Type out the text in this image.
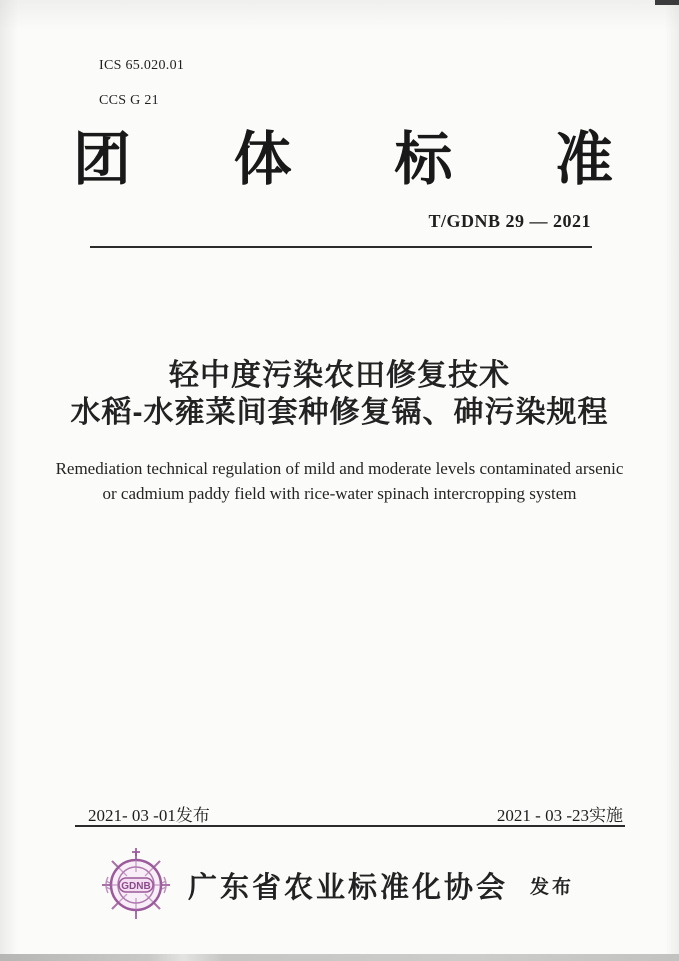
ICS 65.020.01
CCS G 21
团 体 标 准
T/GDNB 29 — 2021
轻中度污染农田修复技术
水稻-水雍菜间套种修复镉、砷污染规程
Remediation technical regulation of mild and moderate levels contaminated arsenic
or cadmium paddy field with rice-water spinach intercropping system
2021- 03 -01发布	2021 - 03 -23实施
GDNB 广东省农业标准化协会 发布
